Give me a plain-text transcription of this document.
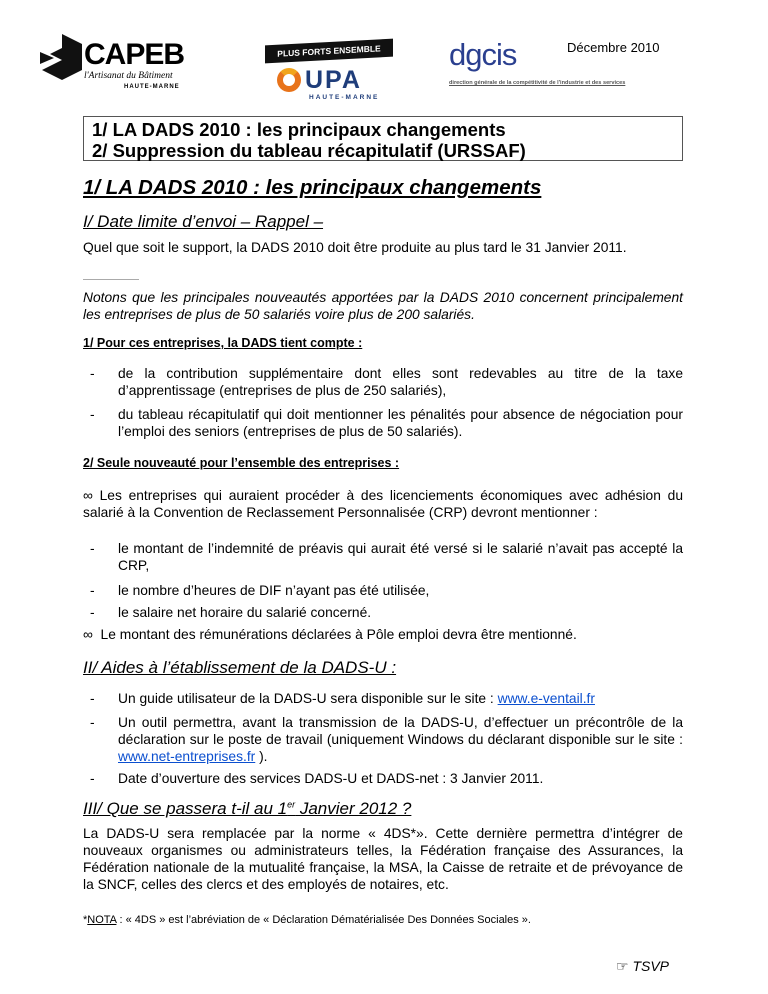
Décembre 2010
CAPEB
l'Artisanat du Bâtiment
HAUTE-MARNE
PLUS FORTS ENSEMBLE
UPA
HAUTE-MARNE
dgcis
direction générale de la compétitivité de l'industrie et des services
1/ LA DADS 2010 : les principaux changements
2/ Suppression du tableau récapitulatif (URSSAF)
1/ LA DADS 2010 : les principaux changements
I/ Date limite d’envoi – Rappel –
Quel que soit le support, la DADS 2010 doit être produite au plus tard le 31 Janvier 2011.
Notons que les principales nouveautés apportées par la DADS 2010 concernent principalement les entreprises de plus de 50 salariés voire plus de 200 salariés.
1/ Pour ces entreprises, la DADS tient compte :
- de la contribution supplémentaire dont elles sont redevables au titre de la taxe d’apprentissage (entreprises de plus de 250 salariés),
- du tableau récapitulatif qui doit mentionner les pénalités pour absence de négociation pour l’emploi des seniors (entreprises de plus de 50 salariés).
2/ Seule nouveauté pour l’ensemble des entreprises :
∞ Les entreprises qui auraient procéder à des licenciements économiques avec adhésion du salarié à la Convention de Reclassement Personnalisée (CRP) devront mentionner :
- le montant de l’indemnité de préavis qui aurait été versé si le salarié n’avait pas accepté la CRP,
- le nombre d’heures de DIF n’ayant pas été utilisée,
- le salaire net horaire du salarié concerné.
∞ Le montant des rémunérations déclarées à Pôle emploi devra être mentionné.
II/ Aides à l’établissement de la DADS-U :
- Un guide utilisateur de la DADS-U sera disponible sur le site : www.e-ventail.fr
- Un outil permettra, avant la transmission de la DADS-U, d’effectuer un précontrôle de la déclaration sur le poste de travail (uniquement Windows du déclarant disponible sur le site : www.net-entreprises.fr ).
- Date d’ouverture des services DADS-U et DADS-net : 3 Janvier 2011.
III/ Que se passera t-il au 1er Janvier 2012 ?
La DADS-U sera remplacée par la norme « 4DS*». Cette dernière permettra d’intégrer de nouveaux organismes ou administrateurs telles, la Fédération française des Assurances, la Fédération nationale de la mutualité française, la MSA, la Caisse de retraite et de prévoyance de la SNCF, celles des clercs et des employés de notaires, etc.
*NOTA : « 4DS » est l’abréviation de « Déclaration Dématérialisée Des Données Sociales ».
☞ TSVP
